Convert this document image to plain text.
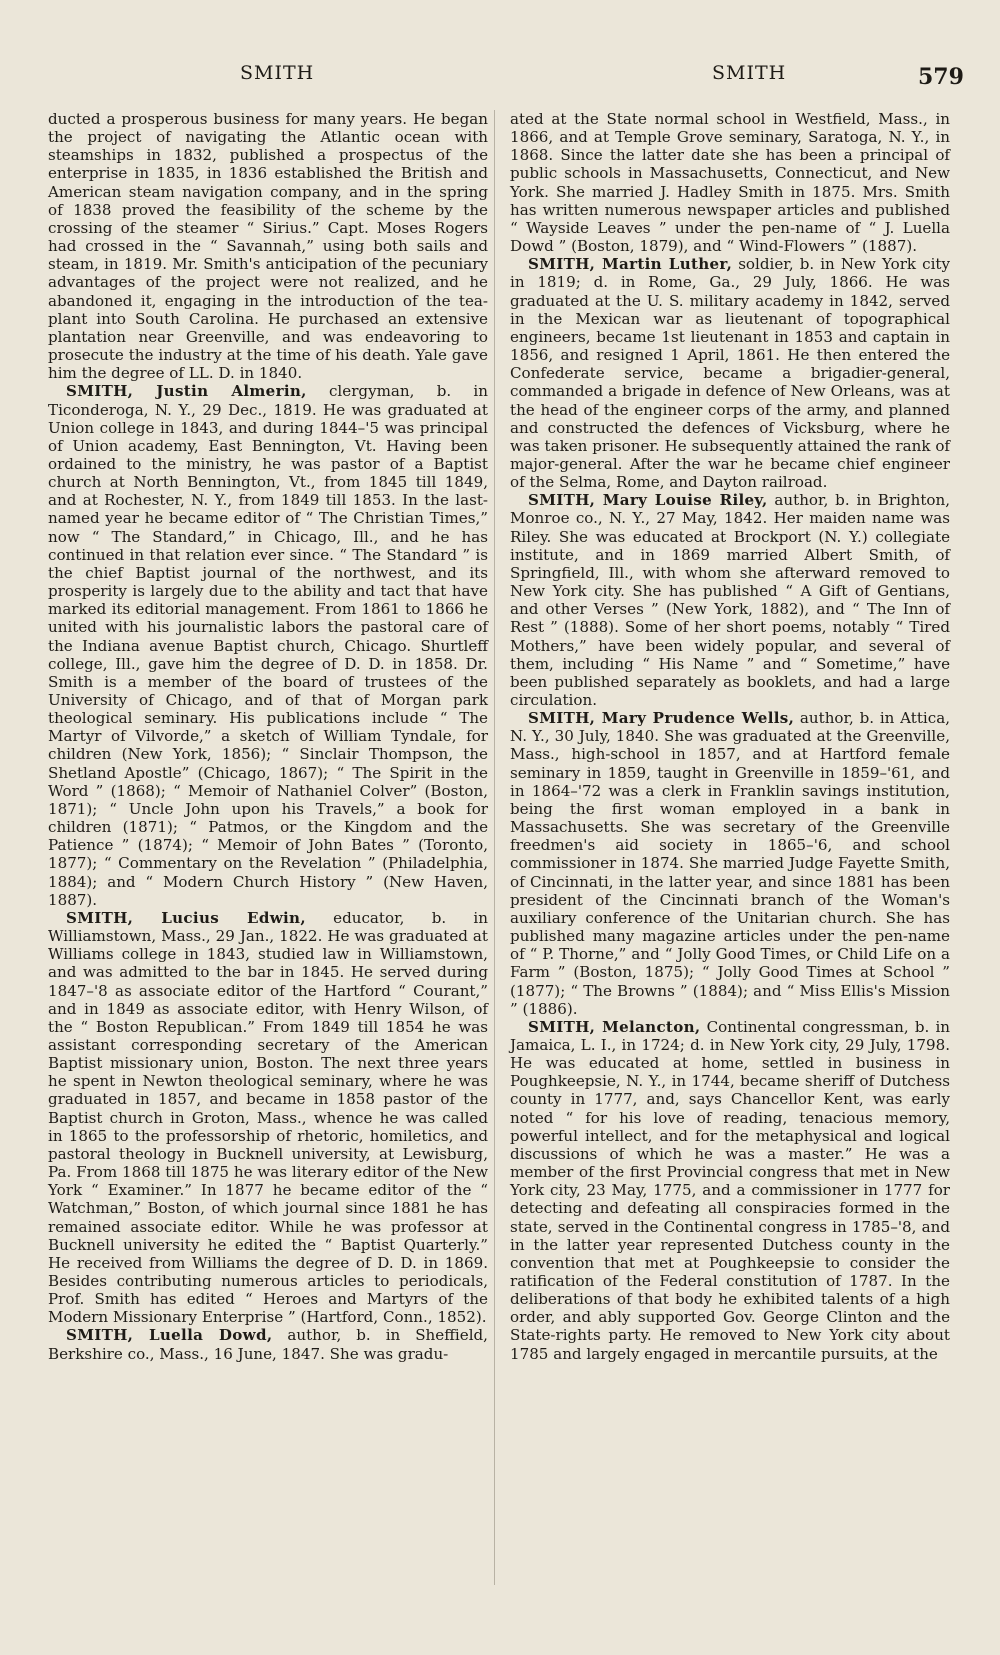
SMITH	SMITH	579

ducted a prosperous business for many years. He began the project of navigating the Atlantic ocean with steamships in 1832, published a prospectus of the enterprise in 1835, in 1836 established the British and American steam navigation company, and in the spring of 1838 proved the feasibility of the scheme by the crossing of the steamer “ Sirius.” Capt. Moses Rogers had crossed in the “ Savannah,” using both sails and steam, in 1819. Mr. Smith's anticipation of the pecuniary advantages of the project were not realized, and he abandoned it, engaging in the introduction of the tea-plant into South Carolina. He purchased an extensive plantation near Greenville, and was endeavoring to prosecute the industry at the time of his death. Yale gave him the degree of LL. D. in 1840.

SMITH, Justin Almerin, clergyman, b. in Ticonderoga, N. Y., 29 Dec., 1819. He was graduated at Union college in 1843, and during 1844–'5 was principal of Union academy, East Bennington, Vt. Having been ordained to the ministry, he was pastor of a Baptist church at North Bennington, Vt., from 1845 till 1849, and at Rochester, N. Y., from 1849 till 1853. In the last-named year he became editor of “ The Christian Times,” now “ The Standard,” in Chicago, Ill., and he has continued in that relation ever since. “ The Standard ” is the chief Baptist journal of the northwest, and its prosperity is largely due to the ability and tact that have marked its editorial management. From 1861 to 1866 he united with his journalistic labors the pastoral care of the Indiana avenue Baptist church, Chicago. Shurtleff college, Ill., gave him the degree of D. D. in 1858. Dr. Smith is a member of the board of trustees of the University of Chicago, and of that of Morgan park theological seminary. His publications include “ The Martyr of Vilvorde,” a sketch of William Tyndale, for children (New York, 1856); “ Sinclair Thompson, the Shetland Apostle” (Chicago, 1867); “ The Spirit in the Word ” (1868); “ Memoir of Nathaniel Colver” (Boston, 1871); “ Uncle John upon his Travels,” a book for children (1871); “ Patmos, or the Kingdom and the Patience ” (1874); “ Memoir of John Bates ” (Toronto, 1877); “ Commentary on the Revelation ” (Philadelphia, 1884); and “ Modern Church History ” (New Haven, 1887).

SMITH, Lucius Edwin, educator, b. in Williamstown, Mass., 29 Jan., 1822. He was graduated at Williams college in 1843, studied law in Williamstown, and was admitted to the bar in 1845. He served during 1847–'8 as associate editor of the Hartford “ Courant,” and in 1849 as associate editor, with Henry Wilson, of the “ Boston Republican.” From 1849 till 1854 he was assistant corresponding secretary of the American Baptist missionary union, Boston. The next three years he spent in Newton theological seminary, where he was graduated in 1857, and became in 1858 pastor of the Baptist church in Groton, Mass., whence he was called in 1865 to the professorship of rhetoric, homiletics, and pastoral theology in Bucknell university, at Lewisburg, Pa. From 1868 till 1875 he was literary editor of the New York “ Examiner.” In 1877 he became editor of the “ Watchman,” Boston, of which journal since 1881 he has remained associate editor. While he was professor at Bucknell university he edited the “ Baptist Quarterly.” He received from Williams the degree of D. D. in 1869. Besides contributing numerous articles to periodicals, Prof. Smith has edited “ Heroes and Martyrs of the Modern Missionary Enterprise ” (Hartford, Conn., 1852).

SMITH, Luella Dowd, author, b. in Sheffield, Berkshire co., Mass., 16 June, 1847. She was gradu-

ated at the State normal school in Westfield, Mass., in 1866, and at Temple Grove seminary, Saratoga, N. Y., in 1868. Since the latter date she has been a principal of public schools in Massachusetts, Connecticut, and New York. She married J. Hadley Smith in 1875. Mrs. Smith has written numerous newspaper articles and published “ Wayside Leaves ” under the pen-name of “ J. Luella Dowd ” (Boston, 1879), and “ Wind-Flowers ” (1887).

SMITH, Martin Luther, soldier, b. in New York city in 1819; d. in Rome, Ga., 29 July, 1866. He was graduated at the U. S. military academy in 1842, served in the Mexican war as lieutenant of topographical engineers, became 1st lieutenant in 1853 and captain in 1856, and resigned 1 April, 1861. He then entered the Confederate service, became a brigadier-general, commanded a brigade in defence of New Orleans, was at the head of the engineer corps of the army, and planned and constructed the defences of Vicksburg, where he was taken prisoner. He subsequently attained the rank of major-general. After the war he became chief engineer of the Selma, Rome, and Dayton railroad.

SMITH, Mary Louise Riley, author, b. in Brighton, Monroe co., N. Y., 27 May, 1842. Her maiden name was Riley. She was educated at Brockport (N. Y.) collegiate institute, and in 1869 married Albert Smith, of Springfield, Ill., with whom she afterward removed to New York city. She has published “ A Gift of Gentians, and other Verses ” (New York, 1882), and “ The Inn of Rest ” (1888). Some of her short poems, notably “ Tired Mothers,” have been widely popular, and several of them, including “ His Name ” and “ Sometime,” have been published separately as booklets, and had a large circulation.

SMITH, Mary Prudence Wells, author, b. in Attica, N. Y., 30 July, 1840. She was graduated at the Greenville, Mass., high-school in 1857, and at Hartford female seminary in 1859, taught in Greenville in 1859–'61, and in 1864–'72 was a clerk in Franklin savings institution, being the first woman employed in a bank in Massachusetts. She was secretary of the Greenville freedmen's aid society in 1865–'6, and school commissioner in 1874. She married Judge Fayette Smith, of Cincinnati, in the latter year, and since 1881 has been president of the Cincinnati branch of the Woman's auxiliary conference of the Unitarian church. She has published many magazine articles under the pen-name of “ P. Thorne,” and “ Jolly Good Times, or Child Life on a Farm ” (Boston, 1875); “ Jolly Good Times at School ” (1877); “ The Browns ” (1884); and “ Miss Ellis's Mission ” (1886).

SMITH, Melancton, Continental congressman, b. in Jamaica, L. I., in 1724; d. in New York city, 29 July, 1798. He was educated at home, settled in business in Poughkeepsie, N. Y., in 1744, became sheriff of Dutchess county in 1777, and, says Chancellor Kent, was early noted “ for his love of reading, tenacious memory, powerful intellect, and for the metaphysical and logical discussions of which he was a master.” He was a member of the first Provincial congress that met in New York city, 23 May, 1775, and a commissioner in 1777 for detecting and defeating all conspiracies formed in the state, served in the Continental congress in 1785–'8, and in the latter year represented Dutchess county in the convention that met at Poughkeepsie to consider the ratification of the Federal constitution of 1787. In the deliberations of that body he exhibited talents of a high order, and ably supported Gov. George Clinton and the State-rights party. He removed to New York city about 1785 and largely engaged in mercantile pursuits, at the
